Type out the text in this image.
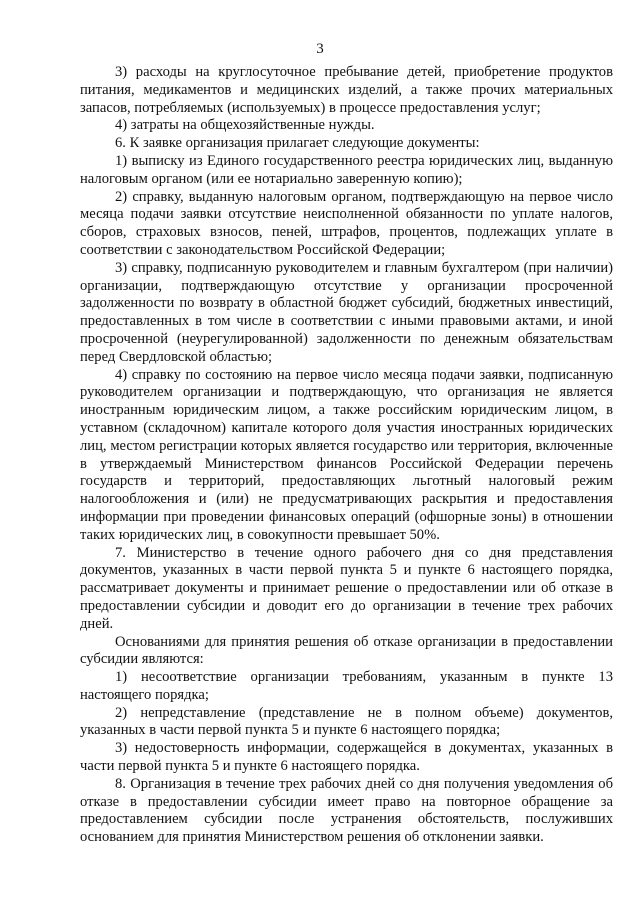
3

3) расходы на круглосуточное пребывание детей, приобретение продуктов питания, медикаментов и медицинских изделий, а также прочих материальных запасов, потребляемых (используемых) в процессе предоставления услуг;

4) затраты на общехозяйственные нужды.

6. К заявке организация прилагает следующие документы:

1) выписку из Единого государственного реестра юридических лиц, выданную налоговым органом (или ее нотариально заверенную копию);

2) справку, выданную налоговым органом, подтверждающую на первое число месяца подачи заявки отсутствие неисполненной обязанности по уплате налогов, сборов, страховых взносов, пеней, штрафов, процентов, подлежащих уплате в соответствии с законодательством Российской Федерации;

3) справку, подписанную руководителем и главным бухгалтером (при наличии) организации, подтверждающую отсутствие у организации просроченной задолженности по возврату в областной бюджет субсидий, бюджетных инвестиций, предоставленных в том числе в соответствии с иными правовыми актами, и иной просроченной (неурегулированной) задолженности по денежным обязательствам перед Свердловской областью;

4) справку по состоянию на первое число месяца подачи заявки, подписанную руководителем организации и подтверждающую, что организация не является иностранным юридическим лицом, а также российским юридическим лицом, в уставном (складочном) капитале которого доля участия иностранных юридических лиц, местом регистрации которых является государство или территория, включенные в утверждаемый Министерством финансов Российской Федерации перечень государств и территорий, предоставляющих льготный налоговый режим налогообложения и (или) не предусматривающих раскрытия и предоставления информации при проведении финансовых операций (офшорные зоны) в отношении таких юридических лиц, в совокупности превышает 50%.

7. Министерство в течение одного рабочего дня со дня представления документов, указанных в части первой пункта 5 и пункте 6 настоящего порядка, рассматривает документы и принимает решение о предоставлении или об отказе в предоставлении субсидии и доводит его до организации в течение трех рабочих дней.

Основаниями для принятия решения об отказе организации в предоставлении субсидии являются:

1) несоответствие организации требованиям, указанным в пункте 13 настоящего порядка;

2) непредставление (представление не в полном объеме) документов, указанных в части первой пункта 5 и пункте 6 настоящего порядка;

3) недостоверность информации, содержащейся в документах, указанных в части первой пункта 5 и пункте 6 настоящего порядка.

8. Организация в течение трех рабочих дней со дня получения уведомления об отказе в предоставлении субсидии имеет право на повторное обращение за предоставлением субсидии после устранения обстоятельств, послуживших основанием для принятия Министерством решения об отклонении заявки.
